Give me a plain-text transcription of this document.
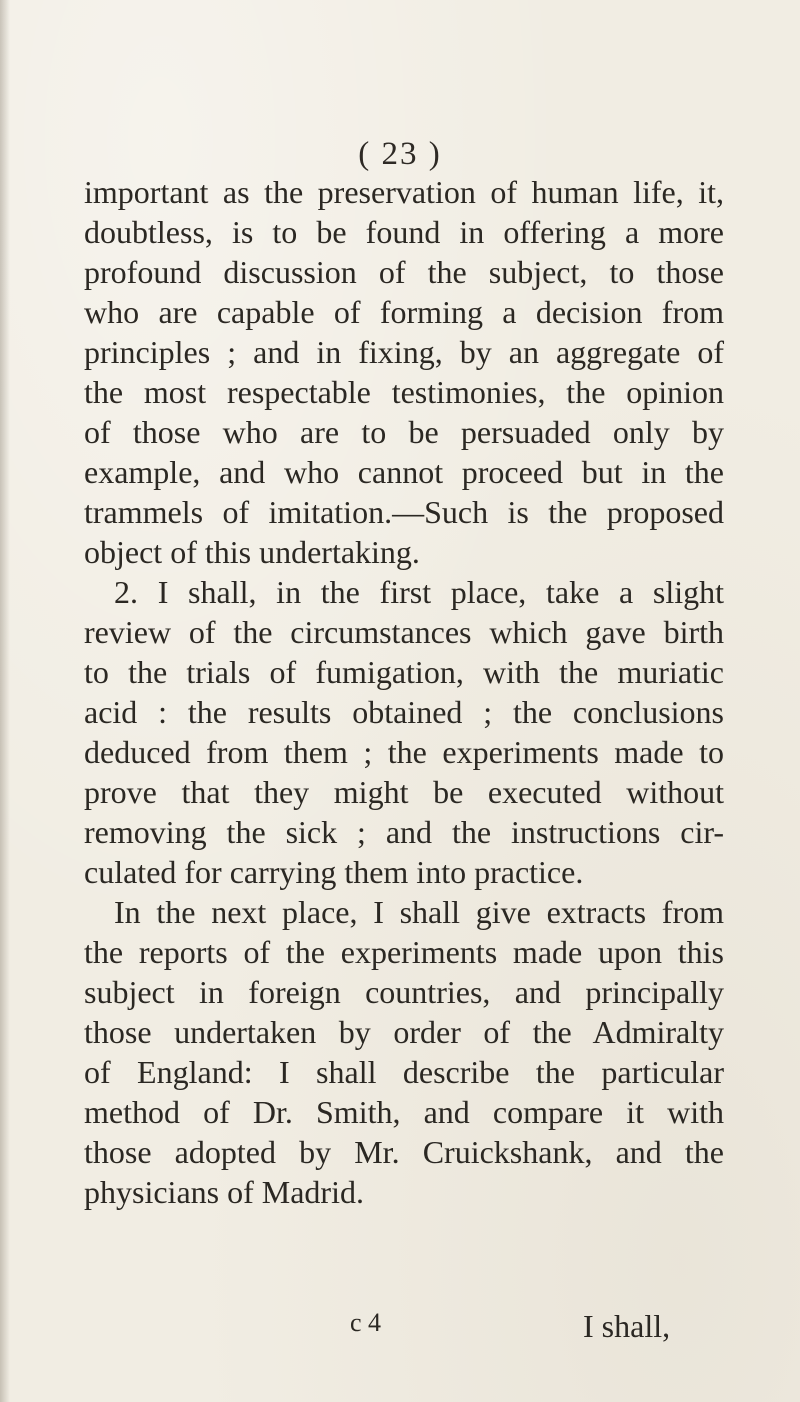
( 23 )
important as the preservation of human life, it,
doubtless, is to be found in offering a more
profound discussion of the subject, to those
who are capable of forming a decision from
principles ; and in fixing, by an aggregate of
the most respectable testimonies, the opinion
of those who are to be persuaded only by
example, and who cannot proceed but in the
trammels of imitation.—Such is the proposed
object of this undertaking.
2. I shall, in the first place, take a slight
review of the circumstances which gave birth
to the trials of fumigation, with the muriatic
acid : the results obtained ; the conclusions
deduced from them ; the experiments made to
prove that they might be executed without
removing the sick ; and the instructions cir-
culated for carrying them into practice.
In the next place, I shall give extracts from
the reports of the experiments made upon this
subject in foreign countries, and principally
those undertaken by order of the Admiralty
of England: I shall describe the particular
method of Dr. Smith, and compare it with
those adopted by Mr. Cruickshank, and the
physicians of Madrid.
c 4	I shall,
